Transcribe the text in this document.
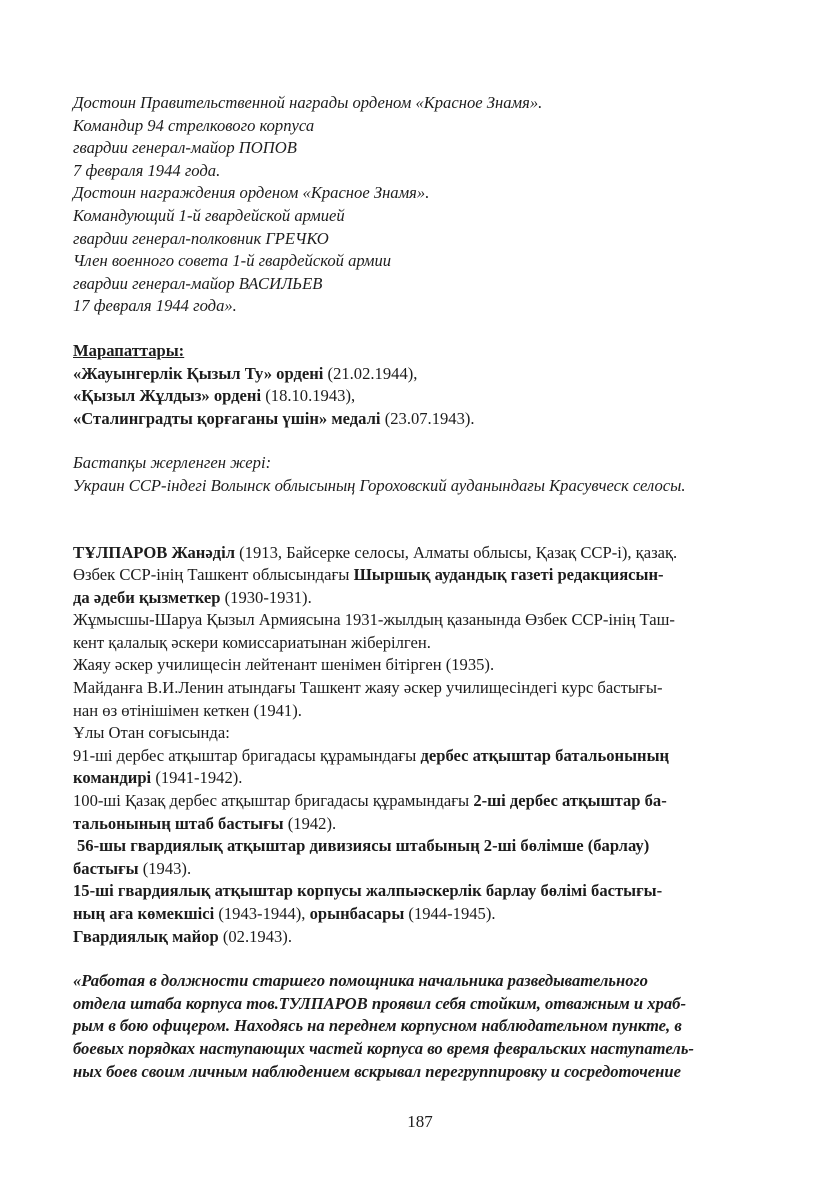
Достоин Правительственной награды орденом «Красное Знамя».
Командир 94 стрелкового корпуса
гвардии генерал-майор ПОПОВ
7 февраля 1944 года.
Достоин награждения орденом «Красное Знамя».
Командующий 1-й гвардейской армией
гвардии генерал-полковник ГРЕЧКО
Член военного совета 1-й гвардейской армии
гвардии генерал-майор ВАСИЛЬЕВ
17 февраля 1944 года».
Марапаттары:
«Жауынгерлік Қызыл Ту» ордені (21.02.1944),
«Қызыл Жұлдыз» ордені (18.10.1943),
«Сталинградты қорғаганы үшін» медалі (23.07.1943).
Бастапқы жерленген жері:
Украин ССР-індегі Волынск облысының Гороховский ауданындағы Красувческ селосы.
ТҰЛПАРОВ Жанәділ (1913, Байсерке селосы, Алматы облысы, Қазақ ССР-і), қазақ.
Өзбек ССР-інің Ташкент облысындағы Шыршық аудандық газеті редакциясын-
да әдеби қызметкер (1930-1931).
Жұмысшы-Шаруа Қызыл Армиясына 1931-жылдың қазанында Өзбек ССР-інің Таш-
кент қалалық әскери комиссариатынан жіберілген.
Жаяу әскер училищесін лейтенант шенімен бітірген (1935).
Майданға В.И.Ленин атындағы Ташкент жаяу әскер училищесіндегі курс бастығы-
нан өз өтінішімен кеткен (1941).
Ұлы Отан соғысында:
91-ші дербес атқыштар бригадасы құрамындағы дербес атқыштар батальонының
командирі (1941-1942).
100-ші Қазақ дербес атқыштар бригадасы құрамындағы 2-ші дербес атқыштар ба-
тальонының штаб бастығы (1942).
56-шы гвардиялық атқыштар дивизиясы штабының 2-ші бөлімше (барлау)
бастығы (1943).
15-ші гвардиялық атқыштар корпусы жалпыәскерлік барлау бөлімі бастығы-
ның аға көмекшісі (1943-1944), орынбасары (1944-1945).
Гвардиялық майор (02.1943).
«Работая в должности старшего помощника начальника разведывательного
отдела штаба корпуса тов.ТУЛПАРОВ проявил себя стойким, отважным и храб-
рым в бою офицером. Находясь на переднем корпусном наблюдательном пункте, в
боевых порядках наступающих частей корпуса во время февральских наступатель-
ных боев своим личным наблюдением вскрывал перегруппировку и сосредоточение
187
